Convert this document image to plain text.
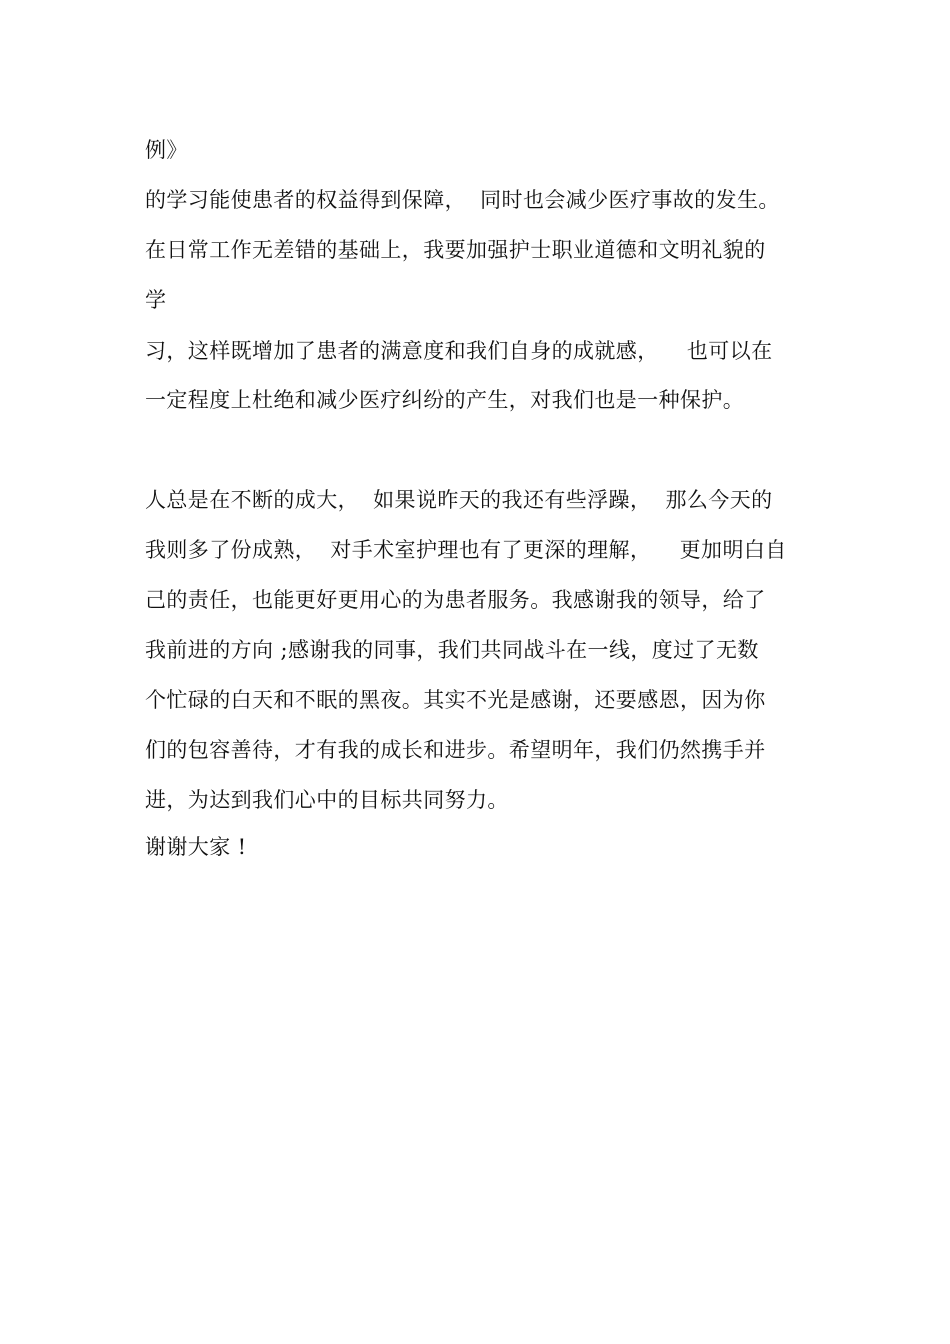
例》
的学习能使患者的权益得到保障，  同时也会减少医疗事故的发生。
在日常工作无差错的基础上，我要加强护士职业道德和文明礼貌的
学
习，这样既增加了患者的满意度和我们自身的成就感，    也可以在
一定程度上杜绝和减少医疗纠纷的产生，对我们也是一种保护。
人总是在不断的成大，  如果说昨天的我还有些浮躁，  那么今天的
我则多了份成熟，  对手术室护理也有了更深的理解，    更加明白自
己的责任，也能更好更用心的为患者服务。我感谢我的领导，给了
我前进的方向 ;感谢我的同事，我们共同战斗在一线，度过了无数
个忙碌的白天和不眠的黑夜。其实不光是感谢，还要感恩，因为你
们的包容善待，才有我的成长和进步。希望明年，我们仍然携手并
进，为达到我们心中的目标共同努力。
谢谢大家 !
